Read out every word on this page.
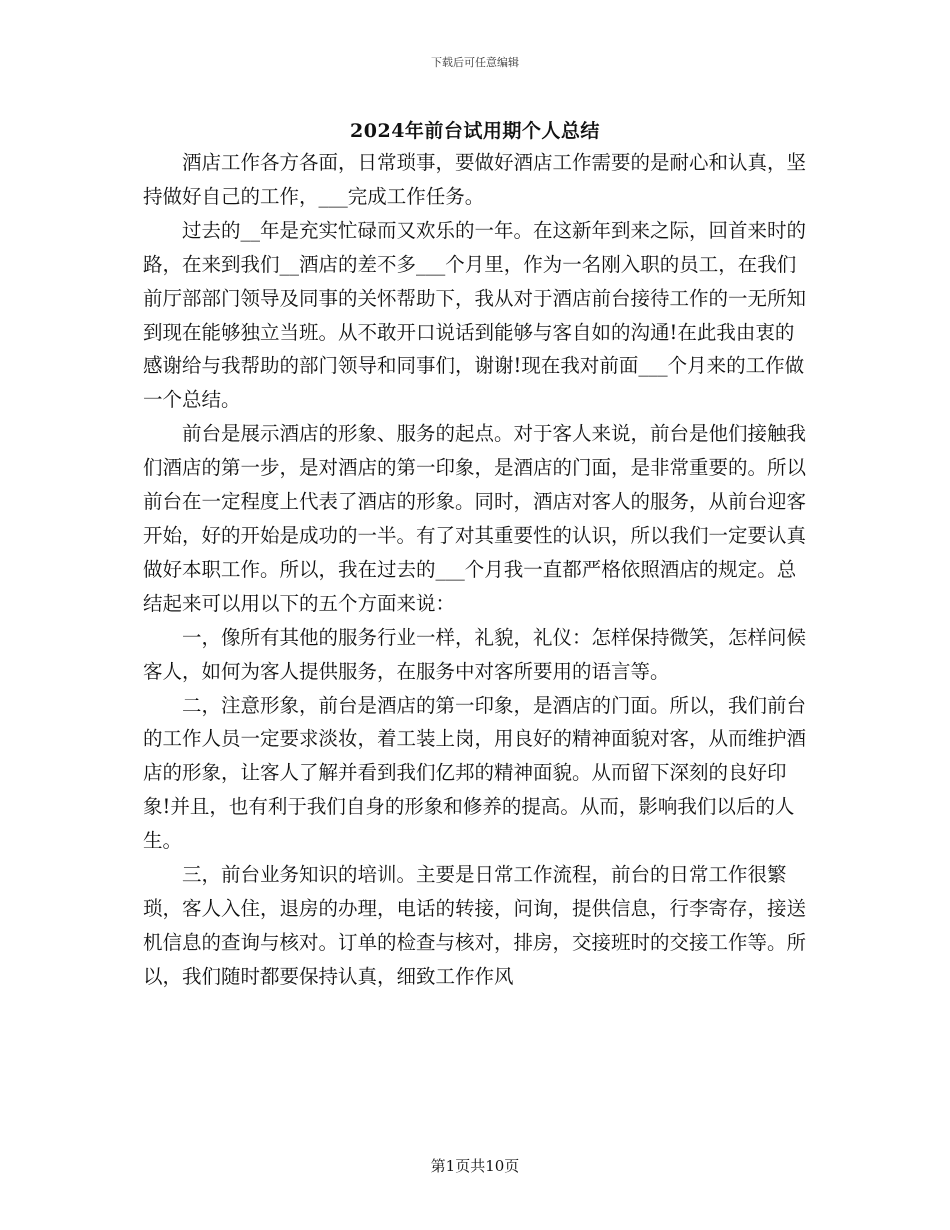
下载后可任意编辑
2024年前台试用期个人总结

酒店工作各方各面，日常琐事，要做好酒店工作需要的是耐心和认真，坚持做好自己的工作，___完成工作任务。

过去的__年是充实忙碌而又欢乐的一年。在这新年到来之际，回首来时的路，在来到我们__酒店的差不多___个月里，作为一名刚入职的员工，在我们前厅部部门领导及同事的关怀帮助下，我从对于酒店前台接待工作的一无所知到现在能够独立当班。从不敢开口说话到能够与客自如的沟通!在此我由衷的感谢给与我帮助的部门领导和同事们，谢谢!现在我对前面___个月来的工作做一个总结。

前台是展示酒店的形象、服务的起点。对于客人来说，前台是他们接触我们酒店的第一步，是对酒店的第一印象，是酒店的门面，是非常重要的。所以前台在一定程度上代表了酒店的形象。同时，酒店对客人的服务，从前台迎客开始，好的开始是成功的一半。有了对其重要性的认识，所以我们一定要认真做好本职工作。所以，我在过去的___个月我一直都严格依照酒店的规定。总结起来可以用以下的五个方面来说：

一，像所有其他的服务行业一样，礼貌，礼仪：怎样保持微笑，怎样问候客人，如何为客人提供服务，在服务中对客所要用的语言等。

二，注意形象，前台是酒店的第一印象，是酒店的门面。所以，我们前台的工作人员一定要求淡妆，着工装上岗，用良好的精神面貌对客，从而维护酒店的形象，让客人了解并看到我们亿邦的精神面貌。从而留下深刻的良好印象!并且，也有利于我们自身的形象和修养的提高。从而，影响我们以后的人生。

三，前台业务知识的培训。主要是日常工作流程，前台的日常工作很繁琐，客人入住，退房的办理，电话的转接，问询，提供信息，行李寄存，接送机信息的查询与核对。订单的检查与核对，排房，交接班时的交接工作等。所以，我们随时都要保持认真，细致工作作风

第1页共10页
